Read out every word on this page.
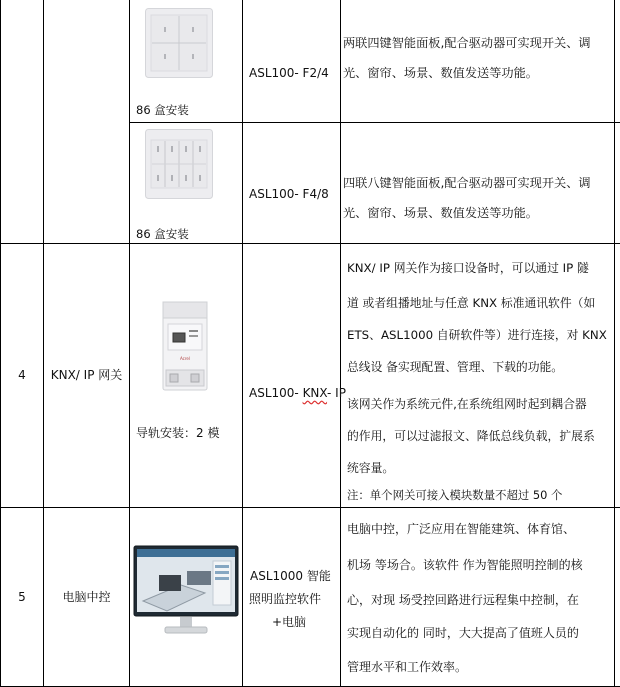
86 盒安装
ASL100- F2/4
两联四键智能面板,配合驱动器可实现开关、调
光、窗帘、场景、数值发送等功能。
86 盒安装
ASL100- F4/8
四联八键智能面板,配合驱动器可实现开关、调
光、窗帘、场景、数值发送等功能。
4	KNX/ IP 网关
Acrel
导轨安装：2 模
ASL100- KNX- IP
KNX/ IP 网关作为接口设备时，可以通过 IP 隧
道 或者组播地址与任意 KNX 标准通讯软件（如
ETS、ASL1000 自研软件等）进行连接，对 KNX
总线设 备实现配置、管理、下载的功能。
该网关作为系统元件,在系统组网时起到耦合器
的作用，可以过滤报文、降低总线负载，扩展系
统容量。
注：单个网关可接入模块数量不超过 50 个
5	电脑中控
ASL1000 智能
照明监控软件
+电脑
电脑中控，广泛应用在智能建筑、体育馆、
机场 等场合。该软件 作为智能照明控制的核
心，对现 场受控回路进行远程集中控制，在
实现自动化的 同时，大大提高了值班人员的
管理水平和工作效率。
